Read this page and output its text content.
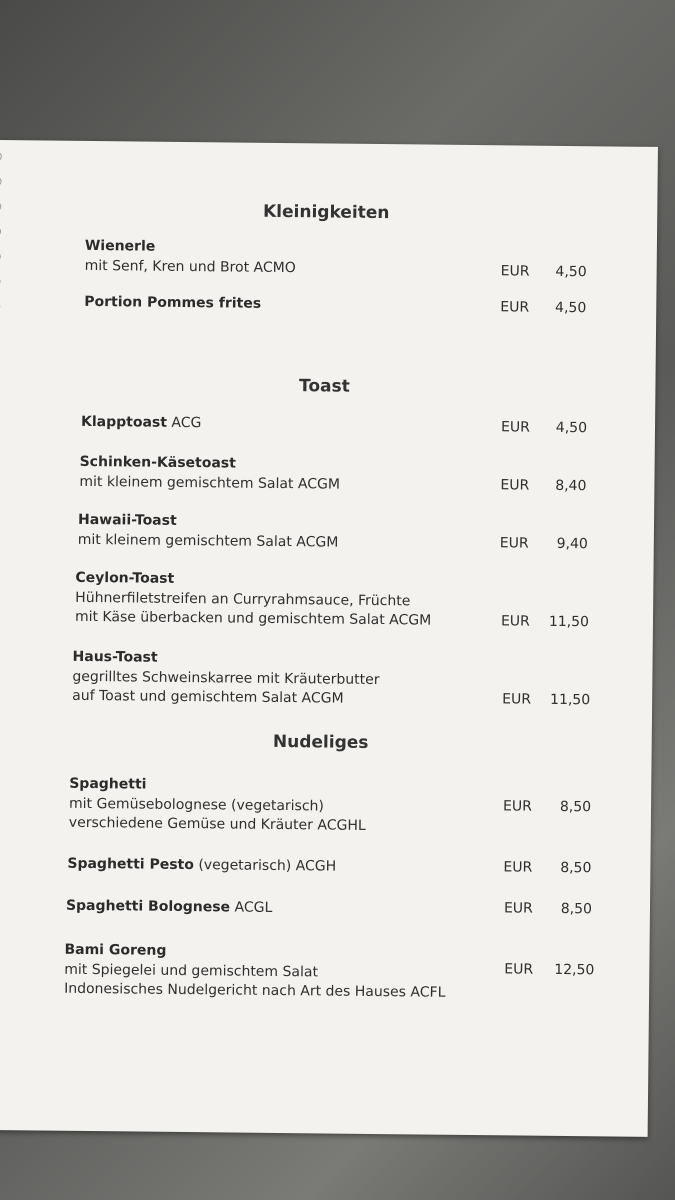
Kleinigkeiten
Wienerle
mit Senf, Kren und Brot ACMO	EUR	4,50
Portion Pommes frites	EUR	4,50
Toast
Klapptoast ACG	EUR	4,50
Schinken-Käsetoast
mit kleinem gemischtem Salat ACGM	EUR	8,40
Hawaii-Toast
mit kleinem gemischtem Salat ACGM	EUR	9,40
Ceylon-Toast
Hühnerfiletstreifen an Curryrahmsauce, Früchte
mit Käse überbacken und gemischtem Salat ACGM	EUR	11,50
Haus-Toast
gegrilltes Schweinskarree mit Kräuterbutter
auf Toast und gemischtem Salat ACGM	EUR	11,50
Nudeliges
Spaghetti
mit Gemüsebolognese (vegetarisch)
verschiedene Gemüse und Kräuter ACGHL
EUR	8,50
Spaghetti Pesto (vegetarisch) ACGH	EUR	8,50
Spaghetti Bolognese ACGL	EUR	8,50
Bami Goreng
mit Spiegelei und gemischtem Salat
Indonesisches Nudelgericht nach Art des Hauses ACFL
EUR	12,50
